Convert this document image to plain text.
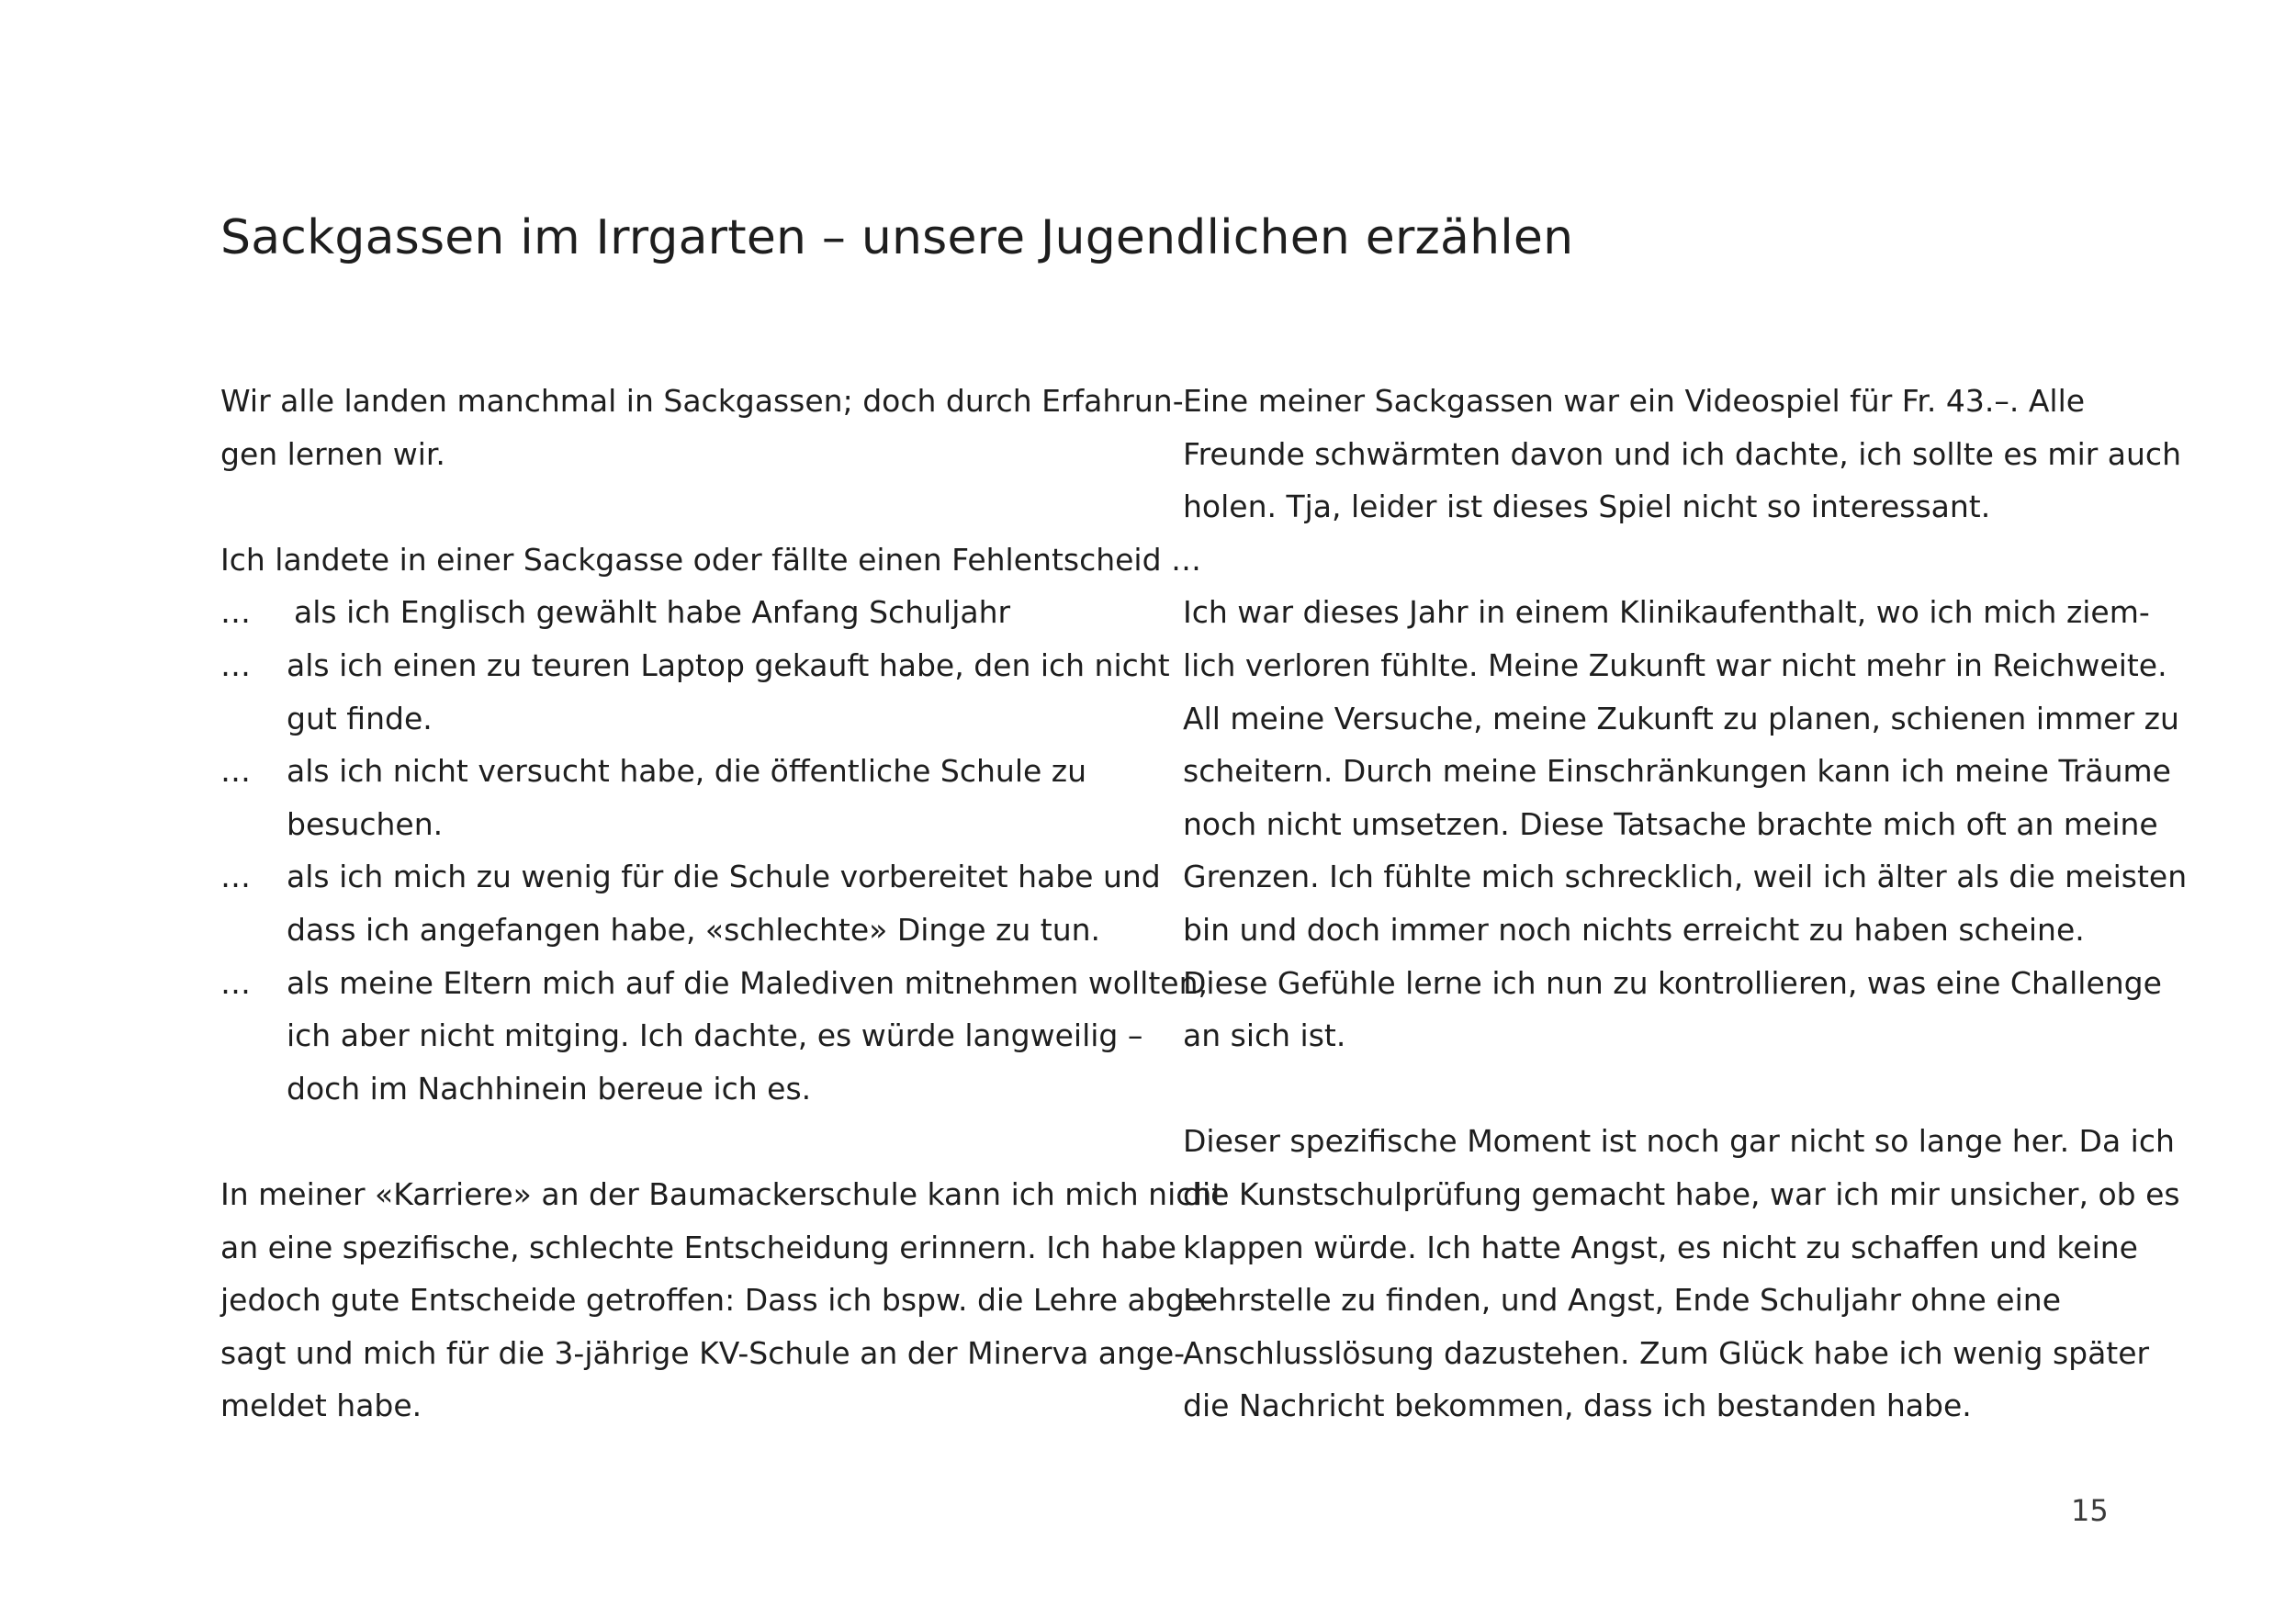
Sackgassen im Irrgarten – unsere Jugendlichen erzählen
Wir alle landen manchmal in Sackgassen; doch durch Erfahrun-
gen lernen wir.
Ich landete in einer Sackgasse oder fällte einen Fehlentscheid …
…	als ich Englisch gewählt habe Anfang Schuljahr
…	als ich einen zu teuren Laptop gekauft habe, den ich nicht
gut finde.
…	als ich nicht versucht habe, die öffentliche Schule zu
besuchen.
…	als ich mich zu wenig für die Schule vorbereitet habe und
dass ich angefangen habe, «schlechte» Dinge zu tun.
…	als meine Eltern mich auf die Malediven mitnehmen wollten,
ich aber nicht mitging. Ich dachte, es würde langweilig –
doch im Nachhinein bereue ich es.
In meiner «Karriere» an der Baumackerschule kann ich mich nicht
an eine spezifische, schlechte Entscheidung erinnern. Ich habe
jedoch gute Entscheide getroffen: Dass ich bspw. die Lehre abge-
sagt und mich für die 3-jährige KV-Schule an der Minerva ange-
meldet habe.
Eine meiner Sackgassen war ein Videospiel für Fr. 43.–. Alle
Freunde schwärmten davon und ich dachte, ich sollte es mir auch
holen. Tja, leider ist dieses Spiel nicht so interessant.
Ich war dieses Jahr in einem Klinikaufenthalt, wo ich mich ziem-
lich verloren fühlte. Meine Zukunft war nicht mehr in Reichweite.
All meine Versuche, meine Zukunft zu planen, schienen immer zu
scheitern. Durch meine Einschränkungen kann ich meine Träume
noch nicht umsetzen. Diese Tatsache brachte mich oft an meine
Grenzen. Ich fühlte mich schrecklich, weil ich älter als die meisten
bin und doch immer noch nichts erreicht zu haben scheine.
Diese Gefühle lerne ich nun zu kontrollieren, was eine Challenge
an sich ist.
Dieser spezifische Moment ist noch gar nicht so lange her. Da ich
die Kunstschulprüfung gemacht habe, war ich mir unsicher, ob es
klappen würde. Ich hatte Angst, es nicht zu schaffen und keine
Lehrstelle zu finden, und Angst, Ende Schuljahr ohne eine
Anschlusslösung dazustehen. Zum Glück habe ich wenig später
die Nachricht bekommen, dass ich bestanden habe.
15
